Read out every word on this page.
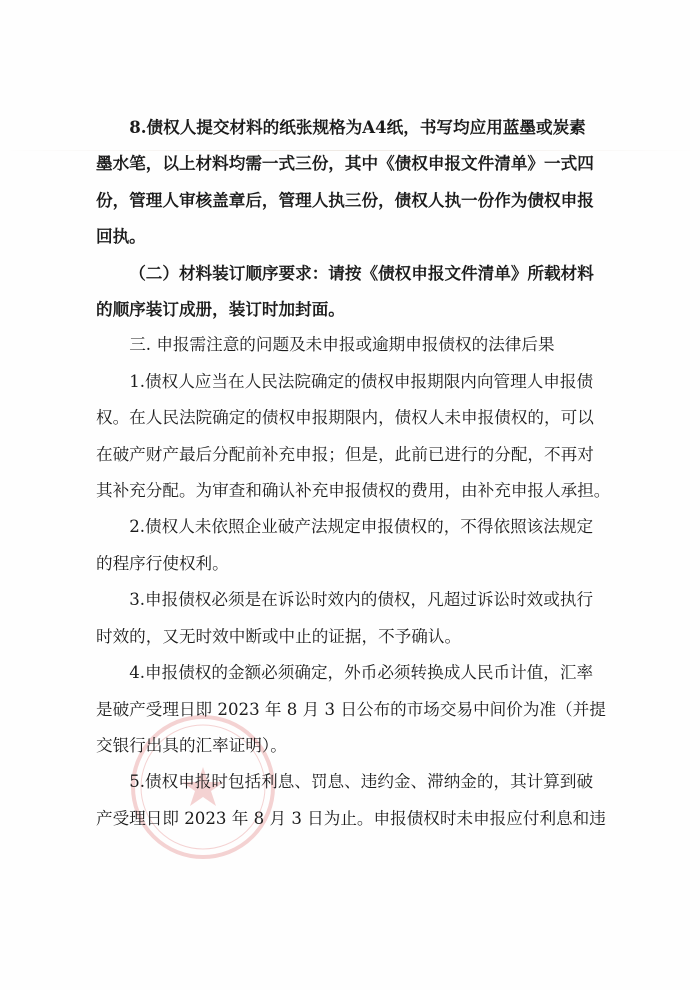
8.债权人提交材料的纸张规格为A4纸，书写均应用蓝墨或炭素
墨水笔，以上材料均需一式三份，其中《债权申报文件清单》一式四
份，管理人审核盖章后，管理人执三份，债权人执一份作为债权申报
回执。
（二）材料装订顺序要求：请按《债权申报文件清单》所载材料
的顺序装订成册，装订时加封面。
三. 申报需注意的问题及未申报或逾期申报债权的法律后果
1.债权人应当在人民法院确定的债权申报期限内向管理人申报债
权。在人民法院确定的债权申报期限内，债权人未申报债权的，可以
在破产财产最后分配前补充申报；但是，此前已进行的分配，不再对
其补充分配。为审查和确认补充申报债权的费用，由补充申报人承担。
2.债权人未依照企业破产法规定申报债权的，不得依照该法规定
的程序行使权利。
3.申报债权必须是在诉讼时效内的债权，凡超过诉讼时效或执行
时效的，又无时效中断或中止的证据，不予确认。
4.申报债权的金额必须确定，外币必须转换成人民币计值，汇率
是破产受理日即 2023 年 8 月 3 日公布的市场交易中间价为准（并提
交银行出具的汇率证明）。
5.债权申报时包括利息、罚息、违约金、滞纳金的，其计算到破
产受理日即 2023 年 8 月 3 日为止。申报债权时未申报应付利息和违
